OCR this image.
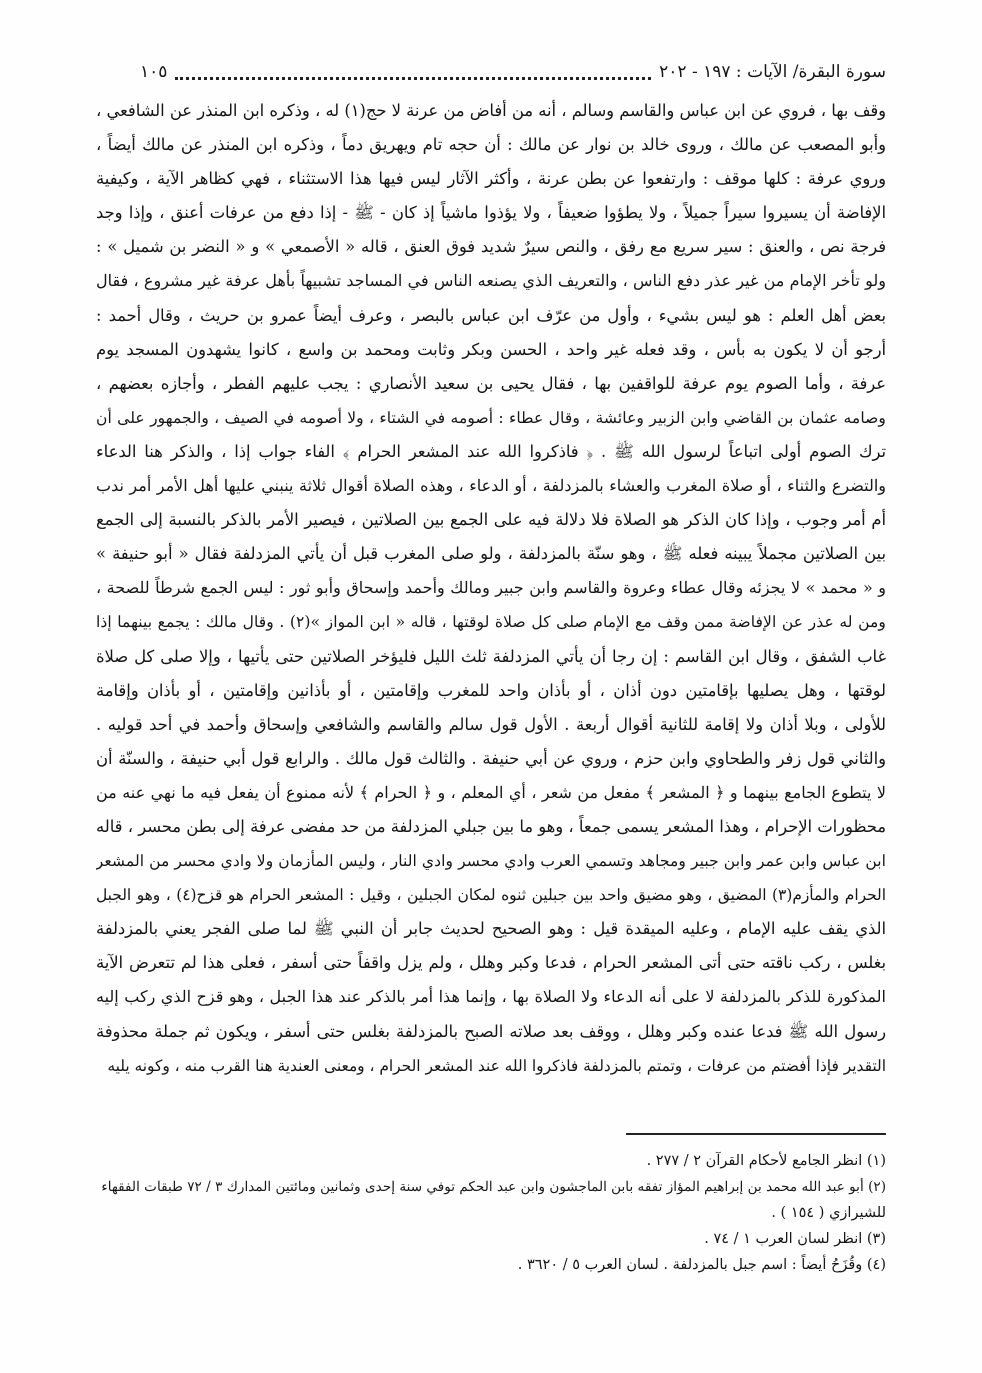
سورة البقرة/ الآيات : ١٩٧ - ٢٠٢
١٠٥
وقف بها ، فروي عن ابن عباس والقاسم وسالم ، أنه من أفاض من عرنة لا حج(١) له ، وذكره ابن المنذر عن الشافعي ،
وأبو المصعب عن مالك ، وروى خالد بن نوار عن مالك : أن حجه تام ويهريق دماً ، وذكره ابن المنذر عن مالك أيضاً ،
وروي عرفة : كلها موقف : وارتفعوا عن بطن عرنة ، وأكثر الآثار ليس فيها هذا الاستثناء ، فهي كظاهر الآية ، وكيفية
الإفاضة أن يسيروا سيراً جميلاً ، ولا يطؤوا ضعيفاً ، ولا يؤذوا ماشياً إذ كان - ﷺ - إذا دفع من عرفات أعنق ، وإذا وجد
فرجة نص ، والعنق : سير سريع مع رفق ، والنص سيرٌ شديد فوق العنق ، قاله « الأصمعي » و « النضر بن شميل » :
ولو تأخر الإمام من غير عذر دفع الناس ، والتعريف الذي يصنعه الناس في المساجد تشبيهاً بأهل عرفة غير مشروع ، فقال
بعض أهل العلم : هو ليس بشيء ، وأول من عرّف ابن عباس بالبصر ، وعرف أيضاً عمرو بن حريث ، وقال أحمد :
أرجو أن لا يكون به بأس ، وقد فعله غير واحد ، الحسن وبكر وثابت ومحمد بن واسع ، كانوا يشهدون المسجد يوم
عرفة ، وأما الصوم يوم عرفة للواقفين بها ، فقال يحيى بن سعيد الأنصاري : يجب عليهم الفطر ، وأجازه بعضهم ،
وصامه عثمان بن القاضي وابن الزبير وعائشة ، وقال عطاء : أصومه في الشتاء ، ولا أصومه في الصيف ، والجمهور على أن
ترك الصوم أولى اتباعاً لرسول الله ﷺ . ﴿ فاذكروا الله عند المشعر الحرام ﴾ الفاء جواب إذا ، والذكر هنا الدعاء
والتضرع والثناء ، أو صلاة المغرب والعشاء بالمزدلفة ، أو الدعاء ، وهذه الصلاة أقوال ثلاثة ينبني عليها أهل الأمر أمر ندب
أم أمر وجوب ، وإذا كان الذكر هو الصلاة فلا دلالة فيه على الجمع بين الصلاتين ، فيصير الأمر بالذكر بالنسبة إلى الجمع
بين الصلاتين مجملاً يبينه فعله ﷺ ، وهو سنّة بالمزدلفة ، ولو صلى المغرب قبل أن يأتي المزدلفة فقال « أبو حنيفة »
و « محمد » لا يجزئه وقال عطاء وعروة والقاسم وابن جبير ومالك وأحمد وإسحاق وأبو ثور : ليس الجمع شرطاً للصحة ،
ومن له عذر عن الإفاضة ممن وقف مع الإمام صلى كل صلاة لوقتها ، قاله « ابن المواز »(٢) . وقال مالك : يجمع بينهما إذا
غاب الشفق ، وقال ابن القاسم : إن رجا أن يأتي المزدلفة ثلث الليل فليؤخر الصلاتين حتى يأتيها ، وإلا صلى كل صلاة
لوقتها ، وهل يصليها بإقامتين دون أذان ، أو بأذان واحد للمغرب وإقامتين ، أو بأذانين وإقامتين ، أو بأذان وإقامة
للأولى ، وبلا أذان ولا إقامة للثانية أقوال أربعة . الأول قول سالم والقاسم والشافعي وإسحاق وأحمد في أحد قوليه .
والثاني قول زفر والطحاوي وابن حزم ، وروي عن أبي حنيفة . والثالث قول مالك . والرابع قول أبي حنيفة ، والسنّة أن
لا يتطوع الجامع بينهما و ﴿ المشعر ﴾ مفعل من شعر ، أي المعلم ، و ﴿ الحرام ﴾ لأنه ممنوع أن يفعل فيه ما نهي عنه من
محظورات الإحرام ، وهذا المشعر يسمى جمعاً ، وهو ما بين جبلي المزدلفة من حد مفضى عرفة إلى بطن محسر ، قاله
ابن عباس وابن عمر وابن جبير ومجاهد وتسمي العرب وادي محسر وادي النار ، وليس المأزمان ولا وادي محسر من المشعر
الحرام والمأزم(٣) المضيق ، وهو مضيق واحد بين جبلين ثنوه لمكان الجبلين ، وقيل : المشعر الحرام هو قزح(٤) ، وهو الجبل
الذي يقف عليه الإمام ، وعليه الميقدة قيل : وهو الصحيح لحديث جابر أن النبي ﷺ لما صلى الفجر يعني بالمزدلفة
بغلس ، ركب ناقته حتى أتى المشعر الحرام ، فدعا وكبر وهلل ، ولم يزل واقفاً حتى أسفر ، فعلى هذا لم تتعرض الآية
المذكورة للذكر بالمزدلفة لا على أنه الدعاء ولا الصلاة بها ، وإنما هذا أمر بالذكر عند هذا الجبل ، وهو قزح الذي ركب إليه
رسول الله ﷺ فدعا عنده وكبر وهلل ، ووقف بعد صلاته الصبح بالمزدلفة بغلس حتى أسفر ، ويكون ثم جملة محذوفة
التقدير فإذا أفضتم من عرفات ، وتمتم بالمزدلفة فاذكروا الله عند المشعر الحرام ، ومعنى العندية هنا القرب منه ، وكونه يليه
(١) انظر الجامع لأحكام القرآن ٢ / ٢٧٧ .
(٢) أبو عبد الله محمد بن إبراهيم المؤاز تفقه بابن الماجشون وابن عبد الحكم توفي سنة إحدى وثمانين ومائتين المدارك ٣ / ٧٢ طبقات الفقهاء
للشيرازي ( ١٥٤ ) .
(٣) انظر لسان العرب ١ / ٧٤ .
(٤) وقُزَحُ أيضاً : اسم جبل بالمزدلفة . لسان العرب ٥ / ٣٦٢٠ .
